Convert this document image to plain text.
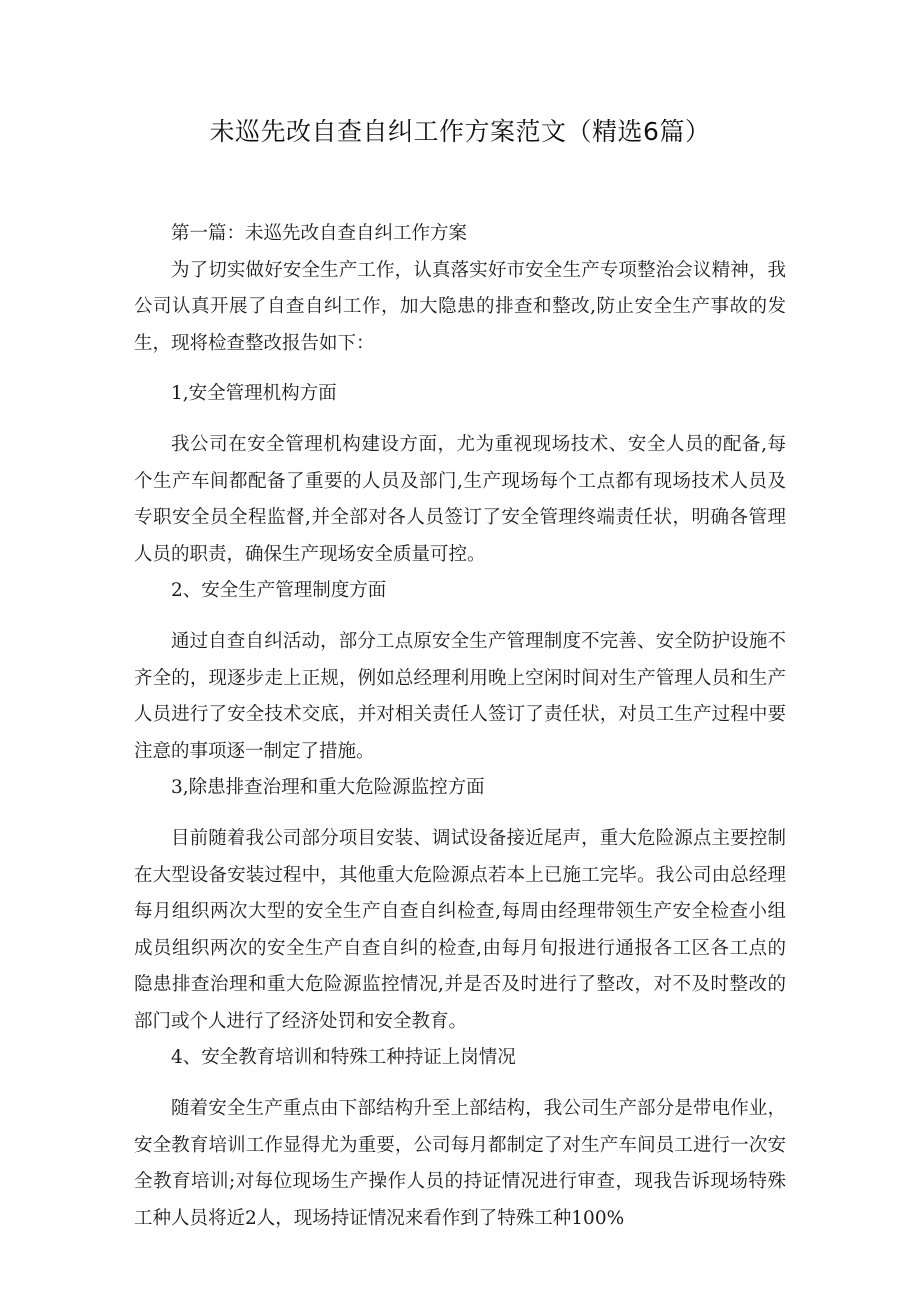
未巡先改自查自纠工作方案范文（精选6篇）

第一篇：未巡先改自查自纠工作方案

为了切实做好安全生产工作，认真落实好市安全生产专项整治会议精神，我公司认真开展了自查自纠工作，加大隐患的排查和整改,防止安全生产事故的发生，现将检查整改报告如下：

1,安全管理机构方面

我公司在安全管理机构建设方面，尤为重视现场技术、安全人员的配备,每个生产车间都配备了重要的人员及部门,生产现场每个工点都有现场技术人员及专职安全员全程监督,并全部对各人员签订了安全管理终端责任状，明确各管理人员的职责，确保生产现场安全质量可控。

2、安全生产管理制度方面

通过自查自纠活动，部分工点原安全生产管理制度不完善、安全防护设施不齐全的，现逐步走上正规，例如总经理利用晚上空闲时间对生产管理人员和生产人员进行了安全技术交底，并对相关责任人签订了责任状，对员工生产过程中要注意的事项逐一制定了措施。

3,除患排查治理和重大危险源监控方面

目前随着我公司部分项目安装、调试设备接近尾声，重大危险源点主要控制在大型设备安装过程中，其他重大危险源点若本上已施工完毕。我公司由总经理每月组织两次大型的安全生产自查自纠检查,每周由经理带领生产安全检查小组成员组织两次的安全生产自查自纠的检查,由每月旬报进行通报各工区各工点的隐患排查治理和重大危险源监控情况,并是否及时进行了整改，对不及时整改的部门或个人进行了经济处罚和安全教育。

4、安全教育培训和特殊工种持证上岗情况

随着安全生产重点由下部结构升至上部结构，我公司生产部分是带电作业，安全教育培训工作显得尤为重要，公司每月都制定了对生产车间员工进行一次安全教育培训;对每位现场生产操作人员的持证情况进行审查，现我告诉现场特殊工种人员将近2人，现场持证情况来看作到了特殊工种100%
